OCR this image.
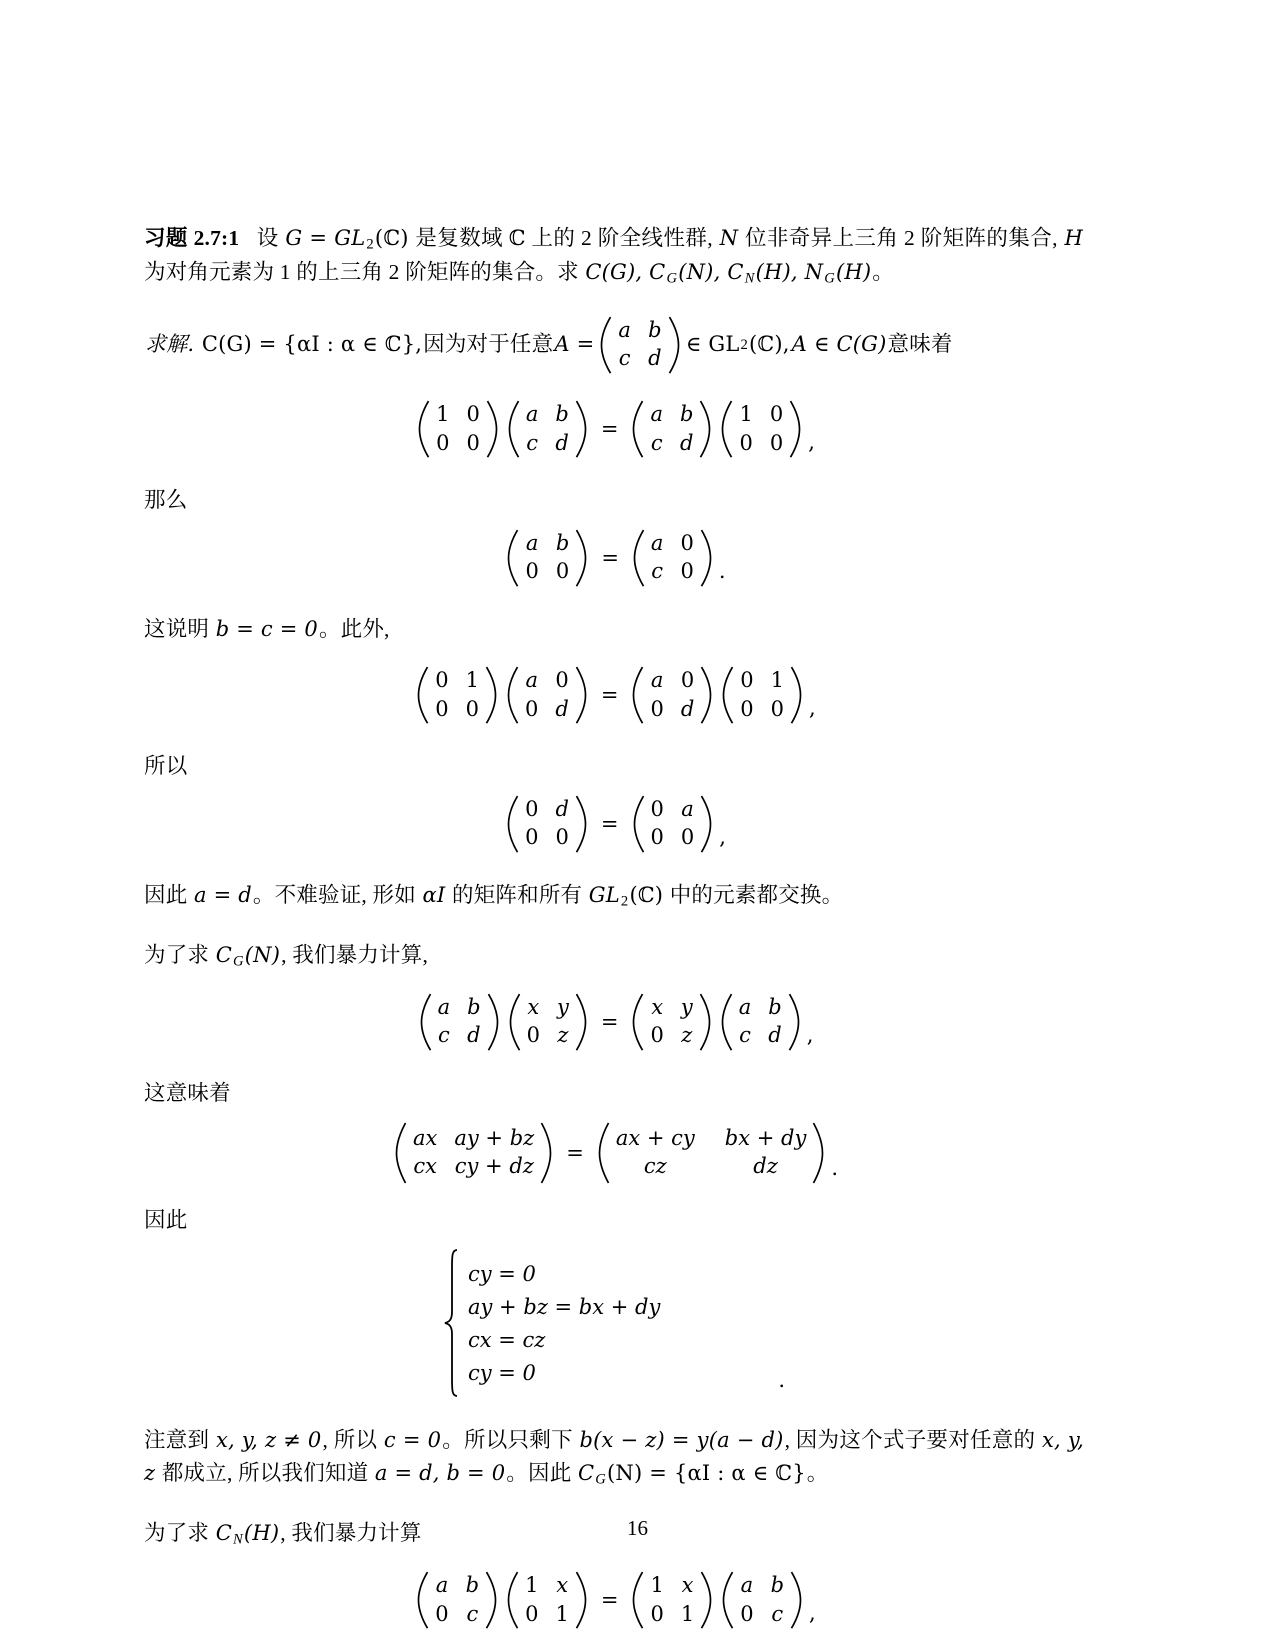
习题 2.7:1 设 $G = GL_2(ℂ)$ 是复数域 ℂ 上的 2 阶全线性群, N 位非奇异上三角 2 阶矩阵的集合, H 为对角元素为 1 的上三角 2 阶矩阵的集合。求 C(G), $C_G(N)$, $C_N(H)$, $N_G(H)$。

求解.
C(G) = {αI : α ∈ ℂ}, 因为对于任意 A =
a b
c d
∈ GL 2 (ℂ), A ∈ C(G) 意味着
1 0
0 0
a b
c d
=
a b
c d
1 0
0 0 ,

那么

a b
0 0
=
a 0
c 0 .

这说明 b = c = 0。此外,

0 1
0 0
a 0
0 d
=
a 0
0 d
0 1
0 0 ,

所以

0 d
0 0
=
0 a
0 0 ,

因此 a = d。不难验证, 形如 αI 的矩阵和所有 $GL_2(ℂ)$ 中的元素都交换。

为了求 $C_G(N)$, 我们暴力计算,

a b
c d
x y
0 z
=
x y
0 z
a b
c d ,

这意味着

ax ay + bz
cx cy + dz
=
ax + cy bx + dy
cz	dz	.

因此

cy = 0
ay + bz = bx + dy
cx = cz
cy = 0	.

注意到 x, y, z ≠ 0, 所以 c = 0。所以只剩下 b(x − z) = y(a − d), 因为这个式子要对任意的 x, y, z 都成立, 所以我们知道 a = d, b = 0。因此 $C_G(N) = \{\alpha I$ : α ∈ ℂ}。

为了求 $C_N(H)$, 我们暴力计算

a b
0 c
1 x
0 1
=
1 x
0 1
a b
0 c ,
16
